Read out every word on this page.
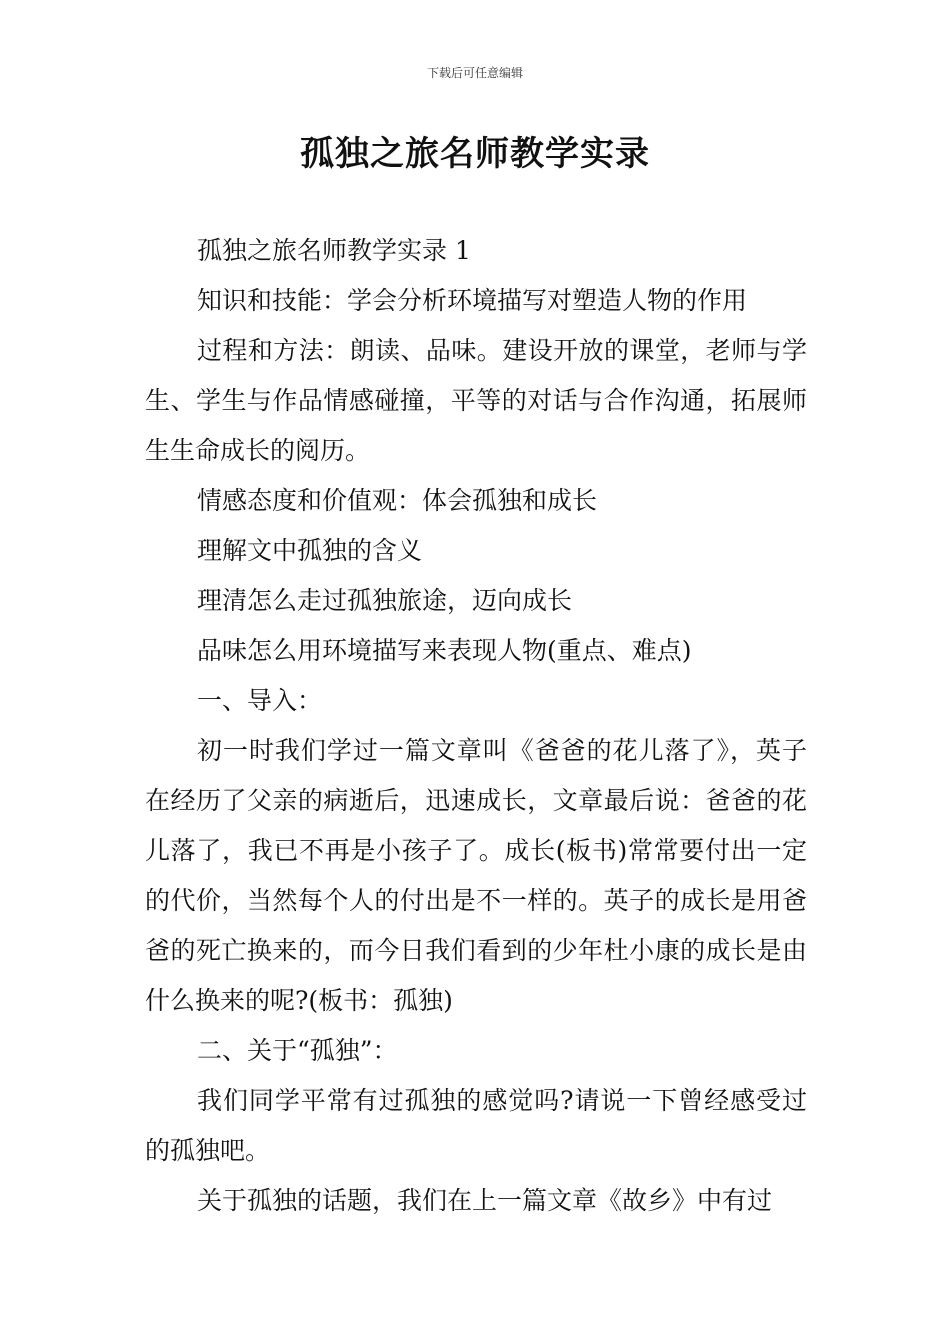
下载后可任意编辑
孤独之旅名师教学实录

孤独之旅名师教学实录 1

知识和技能：学会分析环境描写对塑造人物的作用

过程和方法：朗读、品味。建设开放的课堂，老师与学生、学生与作品情感碰撞，平等的对话与合作沟通，拓展师生生命成长的阅历。

情感态度和价值观：体会孤独和成长

理解文中孤独的含义

理清怎么走过孤独旅途，迈向成长

品味怎么用环境描写来表现人物(重点、难点)

一、导入：

初一时我们学过一篇文章叫《爸爸的花儿落了》，英子在经历了父亲的病逝后，迅速成长，文章最后说：爸爸的花儿落了，我已不再是小孩子了。成长(板书)常常要付出一定的代价，当然每个人的付出是不一样的。英子的成长是用爸爸的死亡换来的，而今日我们看到的少年杜小康的成长是由什么换来的呢?(板书：孤独)

二、关于“孤独”：

我们同学平常有过孤独的感觉吗?请说一下曾经感受过的孤独吧。

关于孤独的话题，我们在上一篇文章《故乡》中有过
